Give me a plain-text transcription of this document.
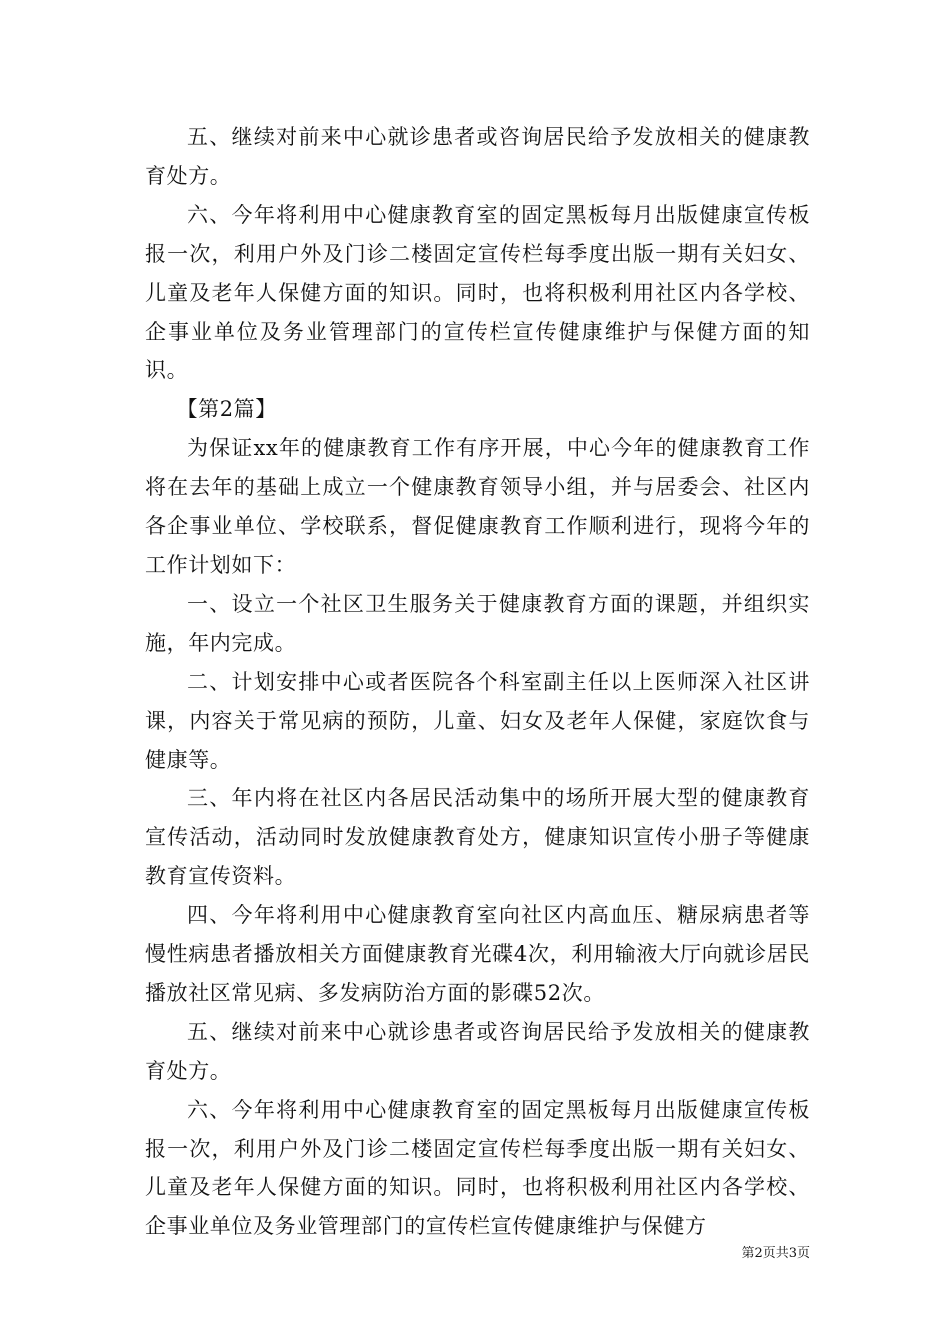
五、继续对前来中心就诊患者或咨询居民给予发放相关的健康教育处方。

六、今年将利用中心健康教育室的固定黑板每月出版健康宣传板报一次，利用户外及门诊二楼固定宣传栏每季度出版一期有关妇女、儿童及老年人保健方面的知识。同时，也将积极利用社区内各学校、企事业单位及务业管理部门的宣传栏宣传健康维护与保健方面的知识。

【第2篇】

为保证xx年的健康教育工作有序开展，中心今年的健康教育工作将在去年的基础上成立一个健康教育领导小组，并与居委会、社区内各企事业单位、学校联系，督促健康教育工作顺利进行，现将今年的工作计划如下：

一、设立一个社区卫生服务关于健康教育方面的课题，并组织实施，年内完成。

二、计划安排中心或者医院各个科室副主任以上医师深入社区讲课，内容关于常见病的预防，儿童、妇女及老年人保健，家庭饮食与健康等。

三、年内将在社区内各居民活动集中的场所开展大型的健康教育宣传活动，活动同时发放健康教育处方，健康知识宣传小册子等健康教育宣传资料。

四、今年将利用中心健康教育室向社区内高血压、糖尿病患者等慢性病患者播放相关方面健康教育光碟4次，利用输液大厅向就诊居民播放社区常见病、多发病防治方面的影碟52次。

五、继续对前来中心就诊患者或咨询居民给予发放相关的健康教育处方。

六、今年将利用中心健康教育室的固定黑板每月出版健康宣传板报一次，利用户外及门诊二楼固定宣传栏每季度出版一期有关妇女、儿童及老年人保健方面的知识。同时，也将积极利用社区内各学校、企事业单位及务业管理部门的宣传栏宣传健康维护与保健方

第2页共3页
